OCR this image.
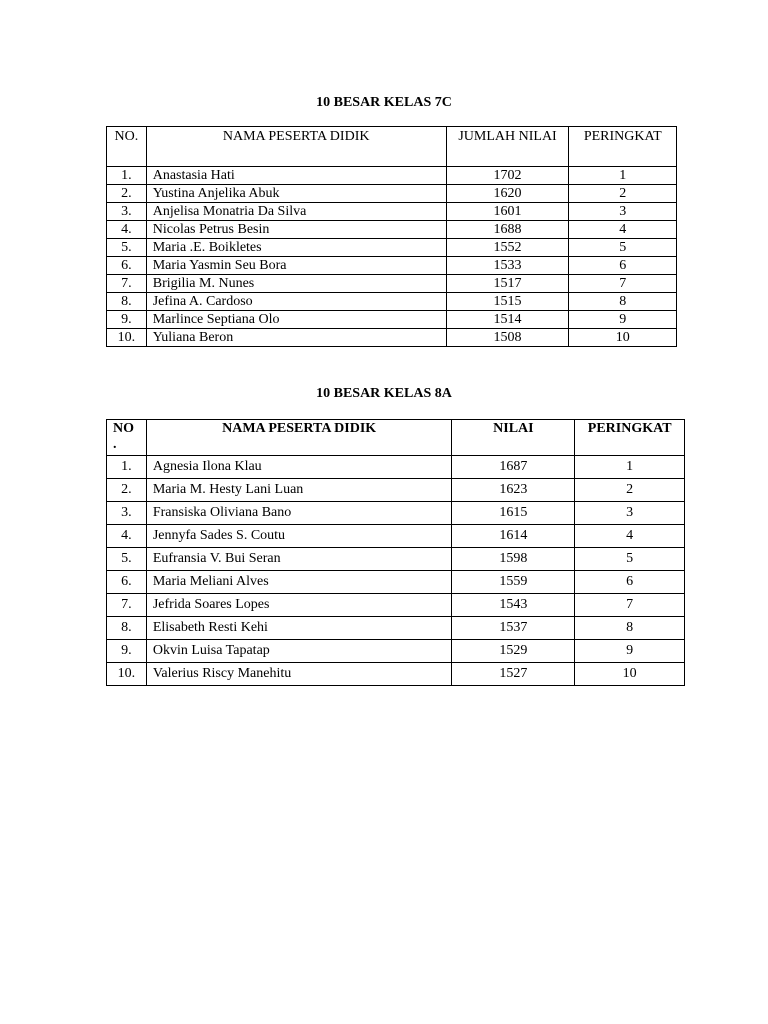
10 BESAR KELAS 7C
NO.	NAMA PESERTA DIDIK	JUMLAH NILAI	PERINGKAT
1.	Anastasia Hati	1702	1
2.	Yustina Anjelika Abuk	1620	2
3.	Anjelisa Monatria Da Silva	1601	3
4.	Nicolas Petrus Besin	1688	4
5.	Maria .E. Boikletes	1552	5
6.	Maria Yasmin Seu Bora	1533	6
7.	Brigilia M. Nunes	1517	7
8.	Jefina A. Cardoso	1515	8
9.	Marlince Septiana Olo	1514	9
10.	Yuliana Beron	1508	10
10 BESAR KELAS 8A
NO
.	NAMA PESERTA DIDIK	NILAI	PERINGKAT
1.	Agnesia Ilona Klau	1687	1
2.	Maria M. Hesty Lani Luan	1623	2
3.	Fransiska Oliviana Bano	1615	3
4.	Jennyfa Sades S. Coutu	1614	4
5.	Eufransia V. Bui Seran	1598	5
6.	Maria Meliani Alves	1559	6
7.	Jefrida Soares Lopes	1543	7
8.	Elisabeth Resti Kehi	1537	8
9.	Okvin Luisa Tapatap	1529	9
10.	Valerius Riscy Manehitu	1527	10
